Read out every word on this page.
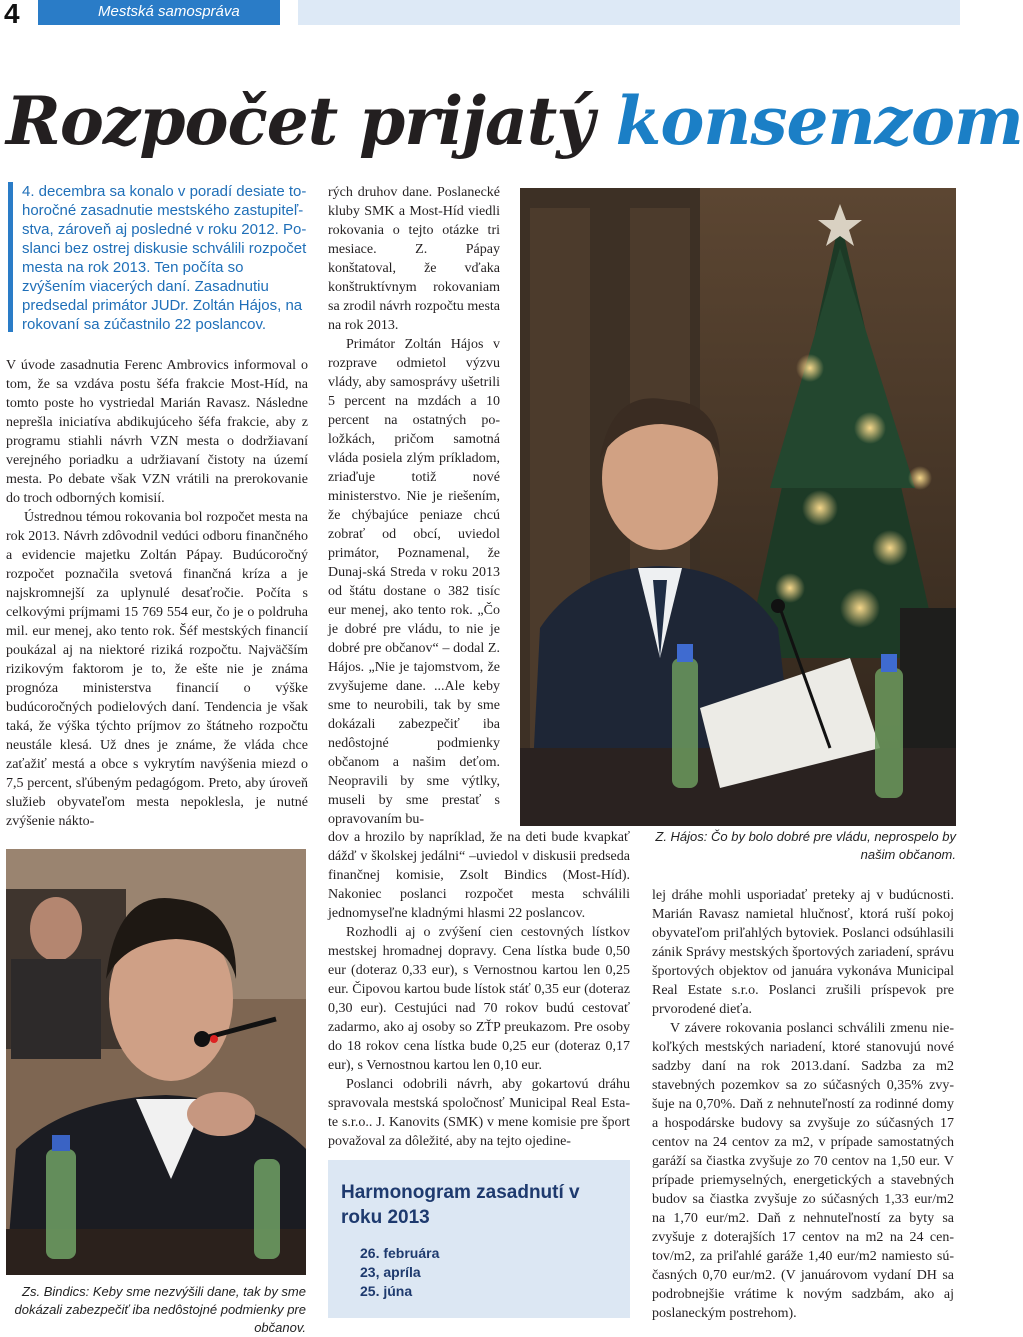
4	Mestská samospráva
Rozpočet prijatý konsenzom
4. decembra sa konalo v poradí desiate tohoročné zasadnutie mestského zastupiteľstva, zároveň aj posledné v roku 2012. Poslanci bez ostrej diskusie schválili rozpočet mesta na rok 2013. Ten počíta so zvýšením viacerých daní. Zasadnutiu predsedal primátor JUDr. Zoltán Hájos, na rokovaní sa zúčastnilo 22 poslancov.

V úvode zasadnutia Ferenc Ambrovics informoval o tom, že sa vzdáva postu šéfa frakcie Most-Híd, na tomto poste ho vystriedal Marián Ravasz. Následne neprešla iniciatíva abdikujúceho šéfa frakcie, aby z programu stiahli návrh VZN mesta o dodržiavaní verejného poriadku a udržiavaní čistoty na území mesta. Po debate však VZN vrátili na prerokovanie do troch odborných komisií.

Ústrednou témou rokovania bol rozpočet mesta na rok 2013. Návrh zdôvodnil vedúci odboru finančného a evidencie majetku Zoltán Pápay. Budúcoročný rozpočet poznačila svetová finančná kríza a je najskromnejší za uplynulé desaťročie. Počíta s celkovými príjmami 15 769 554 eur, čo je o poldruha mil. eur menej, ako tento rok. Šéf mestských financií poukázal aj na niektoré riziká rozpočtu. Najväčším rizikovým faktorom je to, že ešte nie je známa prognóza ministerstva financií o výške budúcoročných podielových daní. Tendencia je však taká, že výška týchto príjmov zo štátneho rozpočtu neustále klesá. Už dnes je známe, že vláda chce zaťažiť mestá a obce s vykrytím navýšenia miezd o 7,5 percent, sľúbeným pedagógom. Preto, aby úroveň služieb obyvateľom mesta nepoklesla, je nutné zvýšenie nákto-

rých druhov dane. Poslanecké kluby SMK a Most-Híd viedli rokovania o tejto otázke tri mesiace. Z. Pápay konštatoval, že vďaka konštruktívnym rokovaniam sa zrodil návrh rozpočtu mesta na rok 2013.

Primátor Zoltán Hájos v rozprave odmietol výzvu vlády, aby samosprávy ušetrili 5 percent na mzdách a 10 percent na ostatných položkách, pričom samotná vláda posiela zlým príkladom, zriaďuje totiž nové ministerstvo. Nie je riešením, že chýbajúce peniaze chcú zobrať od obcí, uviedol primátor, Poznamenal, že Dunaj-ská Streda v roku 2013 od štátu dostane o 382 tisíc eur menej, ako tento rok. „Čo je dobré pre vládu, to nie je dobré pre občanov“ – dodal Z. Hájos. „Nie je tajomstvom, že zvyšujeme dane. ...Ale keby sme to neurobili, tak by sme dokázali zabezpečiť iba nedôstojné podmienky občanom a našim deťom. Neopravili by sme výtlky, museli by sme prestať s opravovaním bu-

dov a hrozilo by napríklad, že na deti bude kvapkať dážď v školskej jedálni“ –uviedol v diskusii predseda finančnej komisie, Zsolt Bindics (Most-Híd). Nakoniec poslanci rozpočet mesta schválili jednomyseľne kladnými hlasmi 22 poslancov.

Rozhodli aj o zvýšení cien cestovných lístkov mestskej hromadnej dopravy. Cena lístka bude 0,50 eur (doteraz 0,33 eur), s Vernostnou kartou len 0,25 eur. Čipovou kartou bude lístok stáť 0,35 eur (doteraz 0,30 eur). Cestujúci nad 70 rokov budú cestovať zadarmo, ako aj osoby so ZŤP preukazom. Pre osoby do 18 rokov cena lístka bude 0,25 eur (doteraz 0,17 eur), s Vernostnou kartou len 0,10 eur.

Poslanci odobrili návrh, aby gokartovú dráhu spravovala mestská spoločnosť Municipal Real Estate s.r.o.. J. Kanovits (SMK) v mene komisie pre šport považoval za dôležité, aby na tejto ojedine-

Z. Hájos: Čo by bolo dobré pre vládu, neprospelo by našim občanom.

lej dráhe mohli usporiadať preteky aj v budúcnosti. Marián Ravasz namietal hlučnosť, ktorá ruší pokoj obyvateľom priľahlých bytoviek. Poslanci odsúhlasili zánik Správy mestských športových zariadení, správu športových objektov od januára vykonáva Municipal Real Estate s.r.o. Poslanci zrušili príspevok pre prvorodené dieťa.

V závere rokovania poslanci schválili zmenu niekoľkých mestských nariadení, ktoré stanovujú nové sadzby daní na rok 2013.daní. Sadzba za m2 stavebných pozemkov sa zo súčasných 0,35% zvyšuje na 0,70%. Daň z nehnuteľností za rodinné domy a hospodárske budovy sa zvyšuje zo súčasných 17 centov na 24 centov za m2, v prípade samostatných garáží sa čiastka zvyšuje zo 70 centov na 1,50 eur. V prípade priemyselných, energetických a stavebných budov sa čiastka zvyšuje zo súčasných 1,33 eur/m2 na 1,70 eur/m2. Daň z nehnuteľností za byty sa zvyšuje z doterajších 17 centov na m2 na 24 centov/m2, za priľahlé garáže 1,40 eur/m2 namiesto súčasných 0,70 eur/m2. (V januárovom vydaní DH sa podrobnejšie vrátime k novým sadzbám, ako aj poslaneckým postrehom).

Zs. Bindics: Keby sme nezvýšili dane, tak by sme dokázali zabezpečiť iba nedôstojné podmienky pre občanov.
Harmonogram zasadnutí v roku 2013
26. februára
23, apríla
25. júna
